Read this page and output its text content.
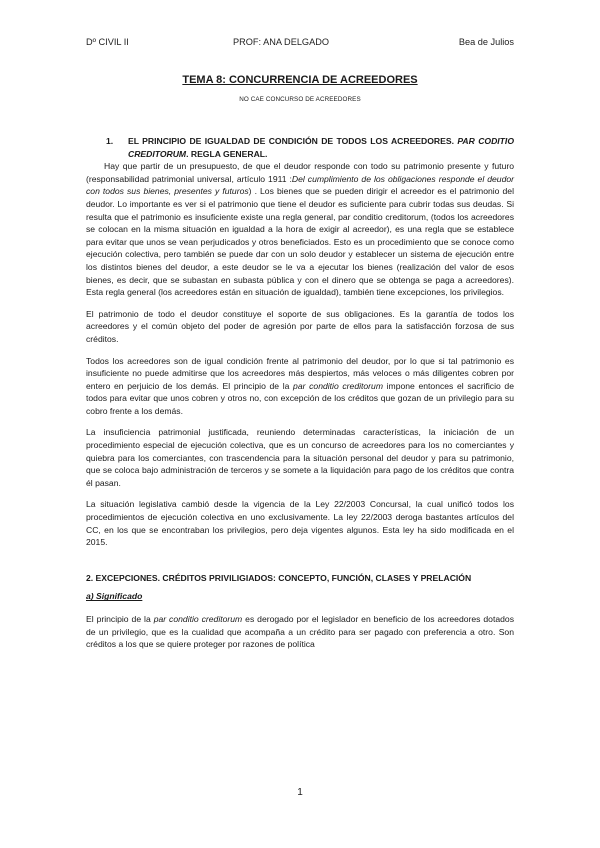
Dº CIVIL II	PROF: ANA DELGADO	Bea de Julios
TEMA 8: CONCURRENCIA DE ACREEDORES
NO CAE CONCURSO DE ACREEDORES
1.	EL PRINCIPIO DE IGUALDAD DE CONDICIÓN DE TODOS LOS ACREEDORES. PAR CODITIO CREDITORUM. REGLA GENERAL.

Hay que partir de un presupuesto, de que el deudor responde con todo su patrimonio presente y futuro (responsabilidad patrimonial universal, artículo 1911 :Del cumplimiento de los obligaciones responde el deudor con todos sus bienes, presentes y futuros) . Los bienes que se pueden dirigir el acreedor es el patrimonio del deudor. Lo importante es ver si el patrimonio que tiene el deudor es suficiente para cubrir todas sus deudas. Si resulta que el patrimonio es insuficiente existe una regla general, par conditio creditorum, (todos los acreedores se colocan en la misma situación en igualdad a la hora de exigir al acreedor), es una regla que se establece para evitar que unos se vean perjudicados y otros beneficiados. Esto es un procedimiento que se conoce como ejecución colectiva, pero también se puede dar con un solo deudor y establecer un sistema de ejecución entre los distintos bienes del deudor, a este deudor se le va a ejecutar los bienes (realización del valor de esos bienes, es decir, que se subastan en subasta pública y con el dinero que se obtenga se paga a acreedores). Esta regla general (los acreedores están en situación de igualdad), también tiene excepciones, los privilegios.

El patrimonio de todo el deudor constituye el soporte de sus obligaciones. Es la garantía de todos los acreedores y el común objeto del poder de agresión por parte de ellos para la satisfacción forzosa de sus créditos.

Todos los acreedores son de igual condición frente al patrimonio del deudor, por lo que si tal patrimonio es insuficiente no puede admitirse que los acreedores más despiertos, más veloces o más diligentes cobren por entero en perjuicio de los demás. El principio de la par conditio creditorum impone entonces el sacrificio de todos para evitar que unos cobren y otros no, con excepción de los créditos que gozan de un privilegio para su cobro frente a los demás.

La insuficiencia patrimonial justificada, reuniendo determinadas características, la iniciación de un procedimiento especial de ejecución colectiva, que es un concurso de acreedores para los no comerciantes y quiebra para los comerciantes, con trascendencia para la situación personal del deudor y para su patrimonio, que se coloca bajo administración de terceros y se somete a la liquidación para pago de los créditos que contra él pasan.

La situación legislativa cambió desde la vigencia de la Ley 22/2003 Concursal, la cual unificó todos los procedimientos de ejecución colectiva en uno exclusivamente. La ley 22/2003 deroga bastantes artículos del CC, en los que se encontraban los privilegios, pero deja vigentes algunos. Esta ley ha sido modificada en el 2015.

2. EXCEPCIONES. CRÉDITOS PRIVILIGIADOS: CONCEPTO, FUNCIÓN, CLASES Y PRELACIÓN
a) Significado

El principio de la par conditio creditorum es derogado por el legislador en beneficio de los acreedores dotados de un privilegio, que es la cualidad que acompaña a un crédito para ser pagado con preferencia a otro. Son créditos a los que se quiere proteger por razones de política

1
